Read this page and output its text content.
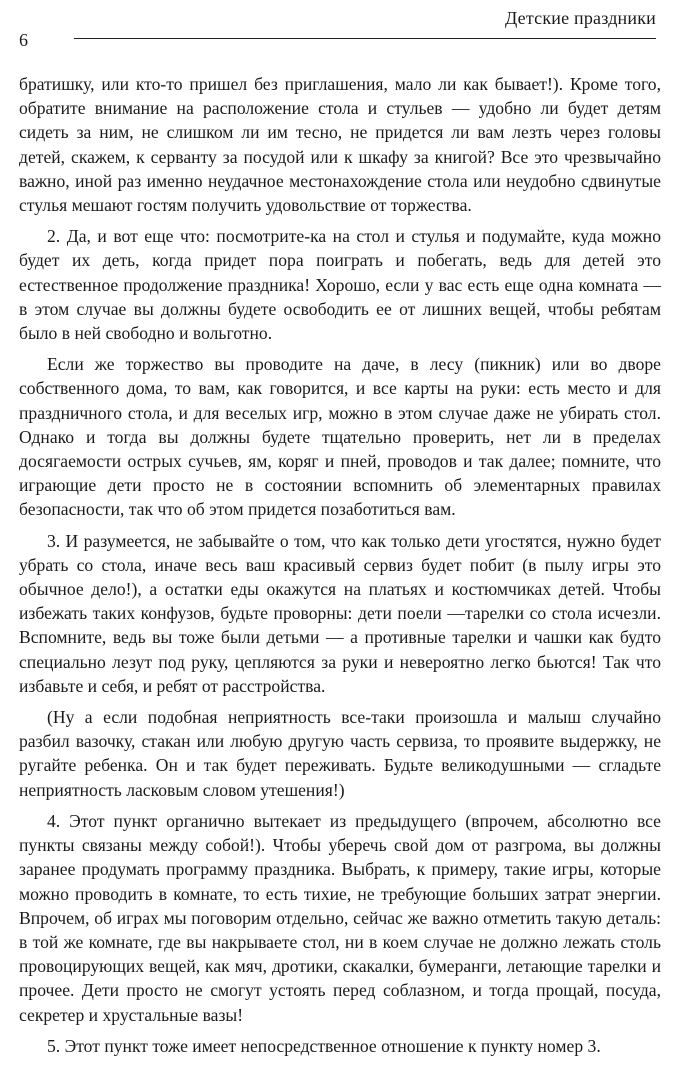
6
Детские праздники

братишку, или кто-то пришел без приглашения, мало ли как бывает!). Кроме того, обратите внимание на расположение стола и стульев — удобно ли будет детям сидеть за ним, не слишком ли им тесно, не придется ли вам лезть через головы детей, скажем, к серванту за посудой или к шкафу за книгой? Все это чрезвычайно важно, иной раз именно неудачное местонахождение стола или неудобно сдвинутые стулья мешают гостям получить удовольствие от торжества.

2. Да, и вот еще что: посмотрите-ка на стол и стулья и подумайте, куда можно будет их деть, когда придет пора поиграть и побегать, ведь для детей это естественное продолжение праздника! Хорошо, если у вас есть еще одна комната — в этом случае вы должны будете освободить ее от лишних вещей, чтобы ребятам было в ней свободно и вольготно.

Если же торжество вы проводите на даче, в лесу (пикник) или во дворе собственного дома, то вам, как говорится, и все карты на руки: есть место и для праздничного стола, и для веселых игр, можно в этом случае даже не убирать стол. Однако и тогда вы должны будете тщательно проверить, нет ли в пределах досягаемости острых сучьев, ям, коряг и пней, проводов и так далее; помните, что играющие дети просто не в состоянии вспомнить об элементарных правилах безопасности, так что об этом придется позаботиться вам.

3. И разумеется, не забывайте о том, что как только дети угостятся, нужно будет убрать со стола, иначе весь ваш красивый сервиз будет побит (в пылу игры это обычное дело!), а остатки еды окажутся на платьях и костюмчиках детей. Чтобы избежать таких конфузов, будьте проворны: дети поели —тарелки со стола исчезли. Вспомните, ведь вы тоже были детьми — а противные тарелки и чашки как будто специально лезут под руку, цепляются за руки и невероятно легко бьются! Так что избавьте и себя, и ребят от расстройства.

(Ну а если подобная неприятность все-таки произошла и малыш случайно разбил вазочку, стакан или любую другую часть сервиза, то проявите выдержку, не ругайте ребенка. Он и так будет переживать. Будьте великодушными — сгладьте неприятность ласковым словом утешения!)

4. Этот пункт органично вытекает из предыдущего (впрочем, абсолютно все пункты связаны между собой!). Чтобы уберечь свой дом от разгрома, вы должны заранее продумать программу праздника. Выбрать, к примеру, такие игры, которые можно проводить в комнате, то есть тихие, не требующие больших затрат энергии. Впрочем, об играх мы поговорим отдельно, сейчас же важно отметить такую деталь: в той же комнате, где вы накрываете стол, ни в коем случае не должно лежать столь провоцирующих вещей, как мяч, дротики, скакалки, бумеранги, летающие тарелки и прочее. Дети просто не смогут устоять перед соблазном, и тогда прощай, посуда, секретер и хрустальные вазы!

5. Этот пункт тоже имеет непосредственное отношение к пункту номер 3.
